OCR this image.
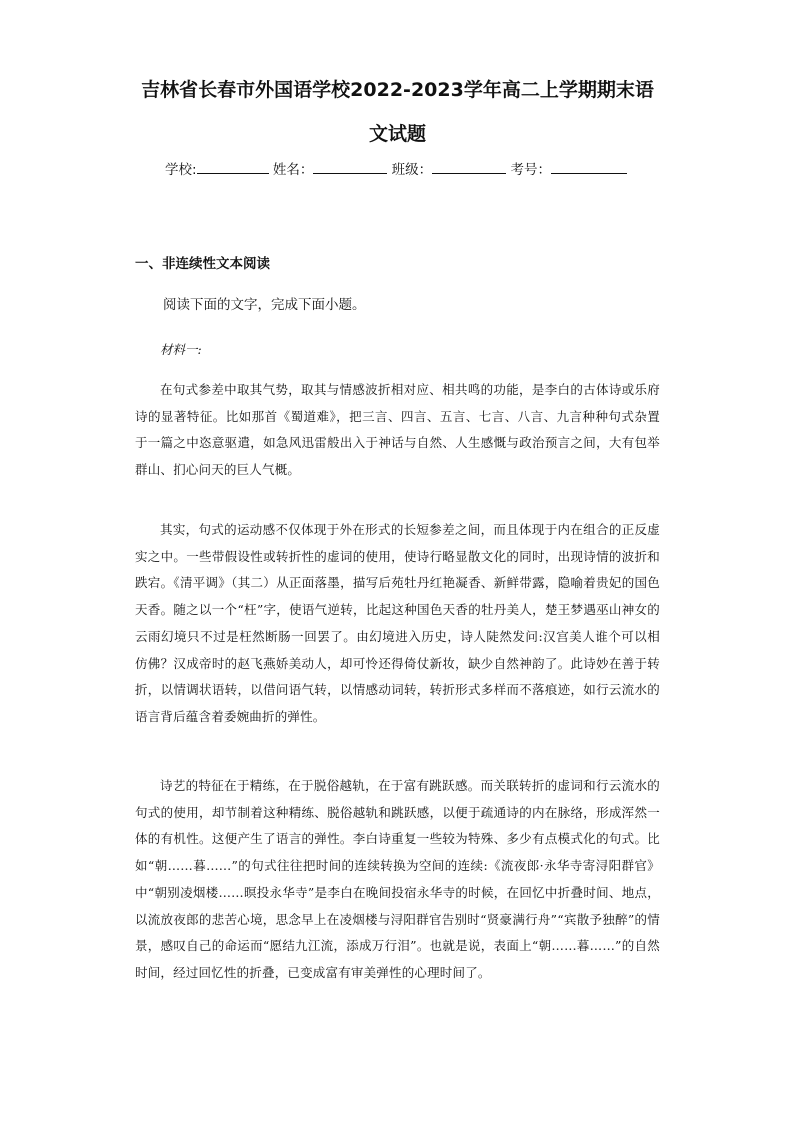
吉林省长春市外国语学校2022-2023学年高二上学期期末语
文试题
学校:	姓名：	班级：	考号：
一、非连续性文本阅读
阅读下面的文字，完成下面小题。
材料一:

在句式参差中取其气势，取其与情感波折相对应、相共鸣的功能，是李白的古体诗或乐府诗的显著特征。比如那首《蜀道难》，把三言、四言、五言、七言、八言、九言种种句式杂置于一篇之中恣意驱遣，如急风迅雷般出入于神话与自然、人生感慨与政治预言之间，大有包举群山、扪心问天的巨人气概。

其实，句式的运动感不仅体现于外在形式的长短参差之间，而且体现于内在组合的正反虚实之中。一些带假设性或转折性的虚词的使用，使诗行略显散文化的同时，出现诗情的波折和跌宕。《清平调》（其二）从正面落墨，描写后苑牡丹红艳凝香、新鲜带露，隐喻着贵妃的国色天香。随之以一个“枉”字，使语气逆转，比起这种国色天香的牡丹美人，楚王梦遇巫山神女的云雨幻境只不过是枉然断肠一回罢了。由幻境进入历史，诗人陡然发问:汉宫美人谁个可以相仿佛？汉成帝时的赵飞燕娇美动人，却可怜还得倚仗新妆，缺少自然神韵了。此诗妙在善于转折，以情调状语转，以借问语气转，以情感动词转，转折形式多样而不落痕迹，如行云流水的语言背后蕴含着委婉曲折的弹性。

诗艺的特征在于精练，在于脱俗越轨，在于富有跳跃感。而关联转折的虚词和行云流水的句式的使用，却节制着这种精练、脱俗越轨和跳跃感，以便于疏通诗的内在脉络，形成浑然一体的有机性。这便产生了语言的弹性。李白诗重复一些较为特殊、多少有点模式化的句式。比如“朝……暮……”的句式往往把时间的连续转换为空间的连续:《流夜郎·永华寺寄浔阳群官》中“朝别凌烟楼……暝投永华寺”是李白在晚间投宿永华寺的时候，在回忆中折叠时间、地点，以流放夜郎的悲苦心境，思念早上在凌烟楼与浔阳群官告别时“贤豪满行舟”“宾散予独醉”的情景，感叹自己的命运而“愿结九江流，添成万行泪”。也就是说，表面上“朝……暮……”的自然时间，经过回忆性的折叠，已变成富有审美弹性的心理时间了。
